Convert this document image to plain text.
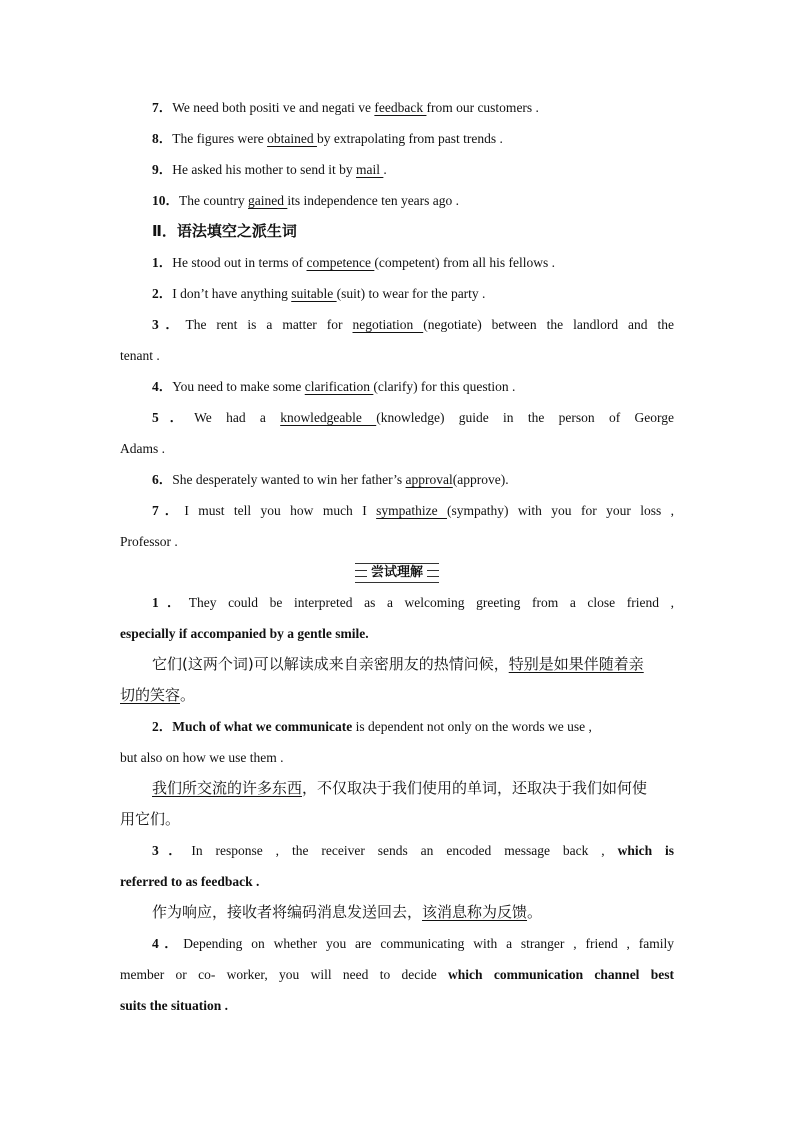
7．We need both positi ve and negati ve feedback from our customers .
8．The figures were obtained by extrapolating from past trends .
9．He asked his mother to send it by mail .
10．The country gained its independence ten years ago .
Ⅱ．语法填空之派生词
1．He stood out in terms of competence (competent) from all his fellows .
2．I don’t have anything suitable (suit) to wear for the party .
3．The rent is a matter for negotiation (negotiate) between the landlord and the
tenant .
4．You need to make some clarification (clarify) for this question .
5．We had a knowledgeable (knowledge) guide in the person of George
Adams .
6．She desperately wanted to win her father’s approval(approve).
7．I must tell you how much I sympathize (sympathy) with you for your loss ,
Professor .
尝试理解
1．They could be interpreted as a welcoming greeting from a close friend ,
especially if accompanied by a gentle smile.
它们(这两个词)可以解读成来自亲密朋友的热情问候，特别是如果伴随着亲
切的笑容。
2．Much of what we communicate is dependent not only on the words we use ,
but also on how we use them .
我们所交流的许多东西，不仅取决于我们使用的单词，还取决于我们如何使
用它们。
3．In response , the receiver sends an encoded message back , which is
referred to as feedback .
作为响应，接收者将编码消息发送回去，该消息称为反馈。
4．Depending on whether you are communicating with a stranger , friend , family
member or co- worker, you will need to decide which communication channel best
suits the situation .
